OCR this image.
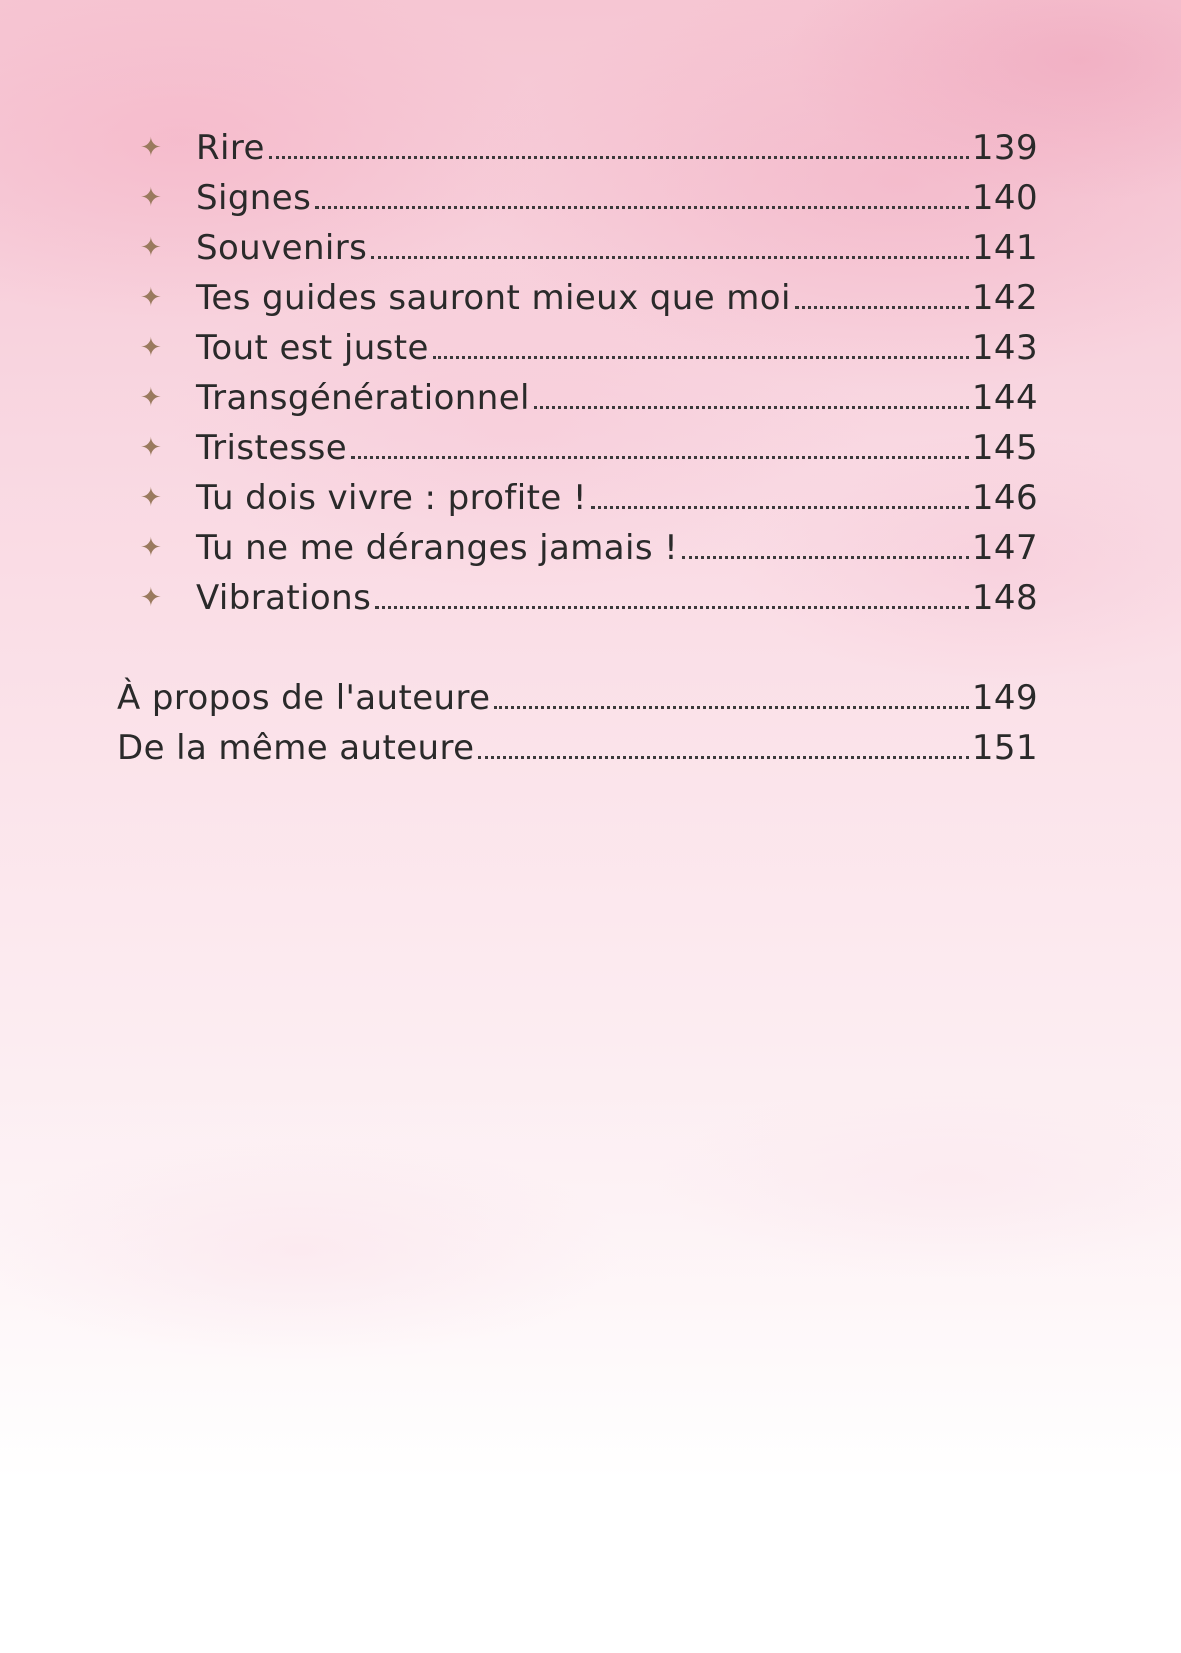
✦ Rire	139
✦ Signes	140
✦ Souvenirs	141
✦ Tes guides sauront mieux que moi	142
✦ Tout est juste	143
✦ Transgénérationnel	144
✦ Tristesse	145
✦ Tu dois vivre : profite !	146
✦ Tu ne me déranges jamais !	147
✦ Vibrations	148
À propos de l'auteure	149
De la même auteure	151
